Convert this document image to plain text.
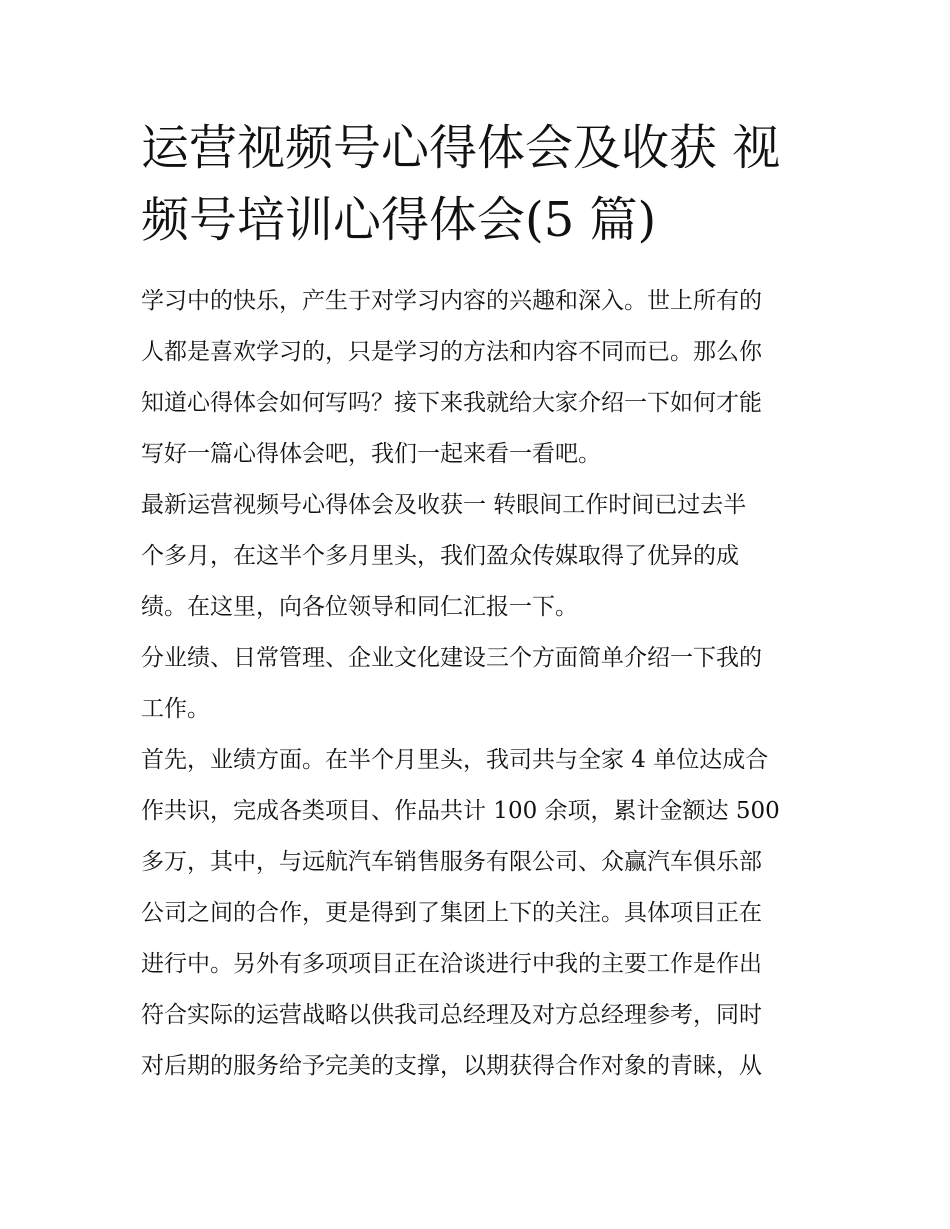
运营视频号心得体会及收获 视
频号培训心得体会(5 篇)
学习中的快乐，产生于对学习内容的兴趣和深入。世上所有的
人都是喜欢学习的，只是学习的方法和内容不同而已。那么你
知道心得体会如何写吗？接下来我就给大家介绍一下如何才能
写好一篇心得体会吧，我们一起来看一看吧。
最新运营视频号心得体会及收获一 转眼间工作时间已过去半
个多月，在这半个多月里头，我们盈众传媒取得了优异的成
绩。在这里，向各位领导和同仁汇报一下。
分业绩、日常管理、企业文化建设三个方面简单介绍一下我的
工作。
首先，业绩方面。在半个月里头，我司共与全家 4 单位达成合
作共识，完成各类项目、作品共计 100 余项，累计金额达 500
多万，其中，与远航汽车销售服务有限公司、众赢汽车俱乐部
公司之间的合作，更是得到了集团上下的关注。具体项目正在
进行中。另外有多项项目正在洽谈进行中我的主要工作是作出
符合实际的运营战略以供我司总经理及对方总经理参考，同时
对后期的服务给予完美的支撑，以期获得合作对象的青睐，从
